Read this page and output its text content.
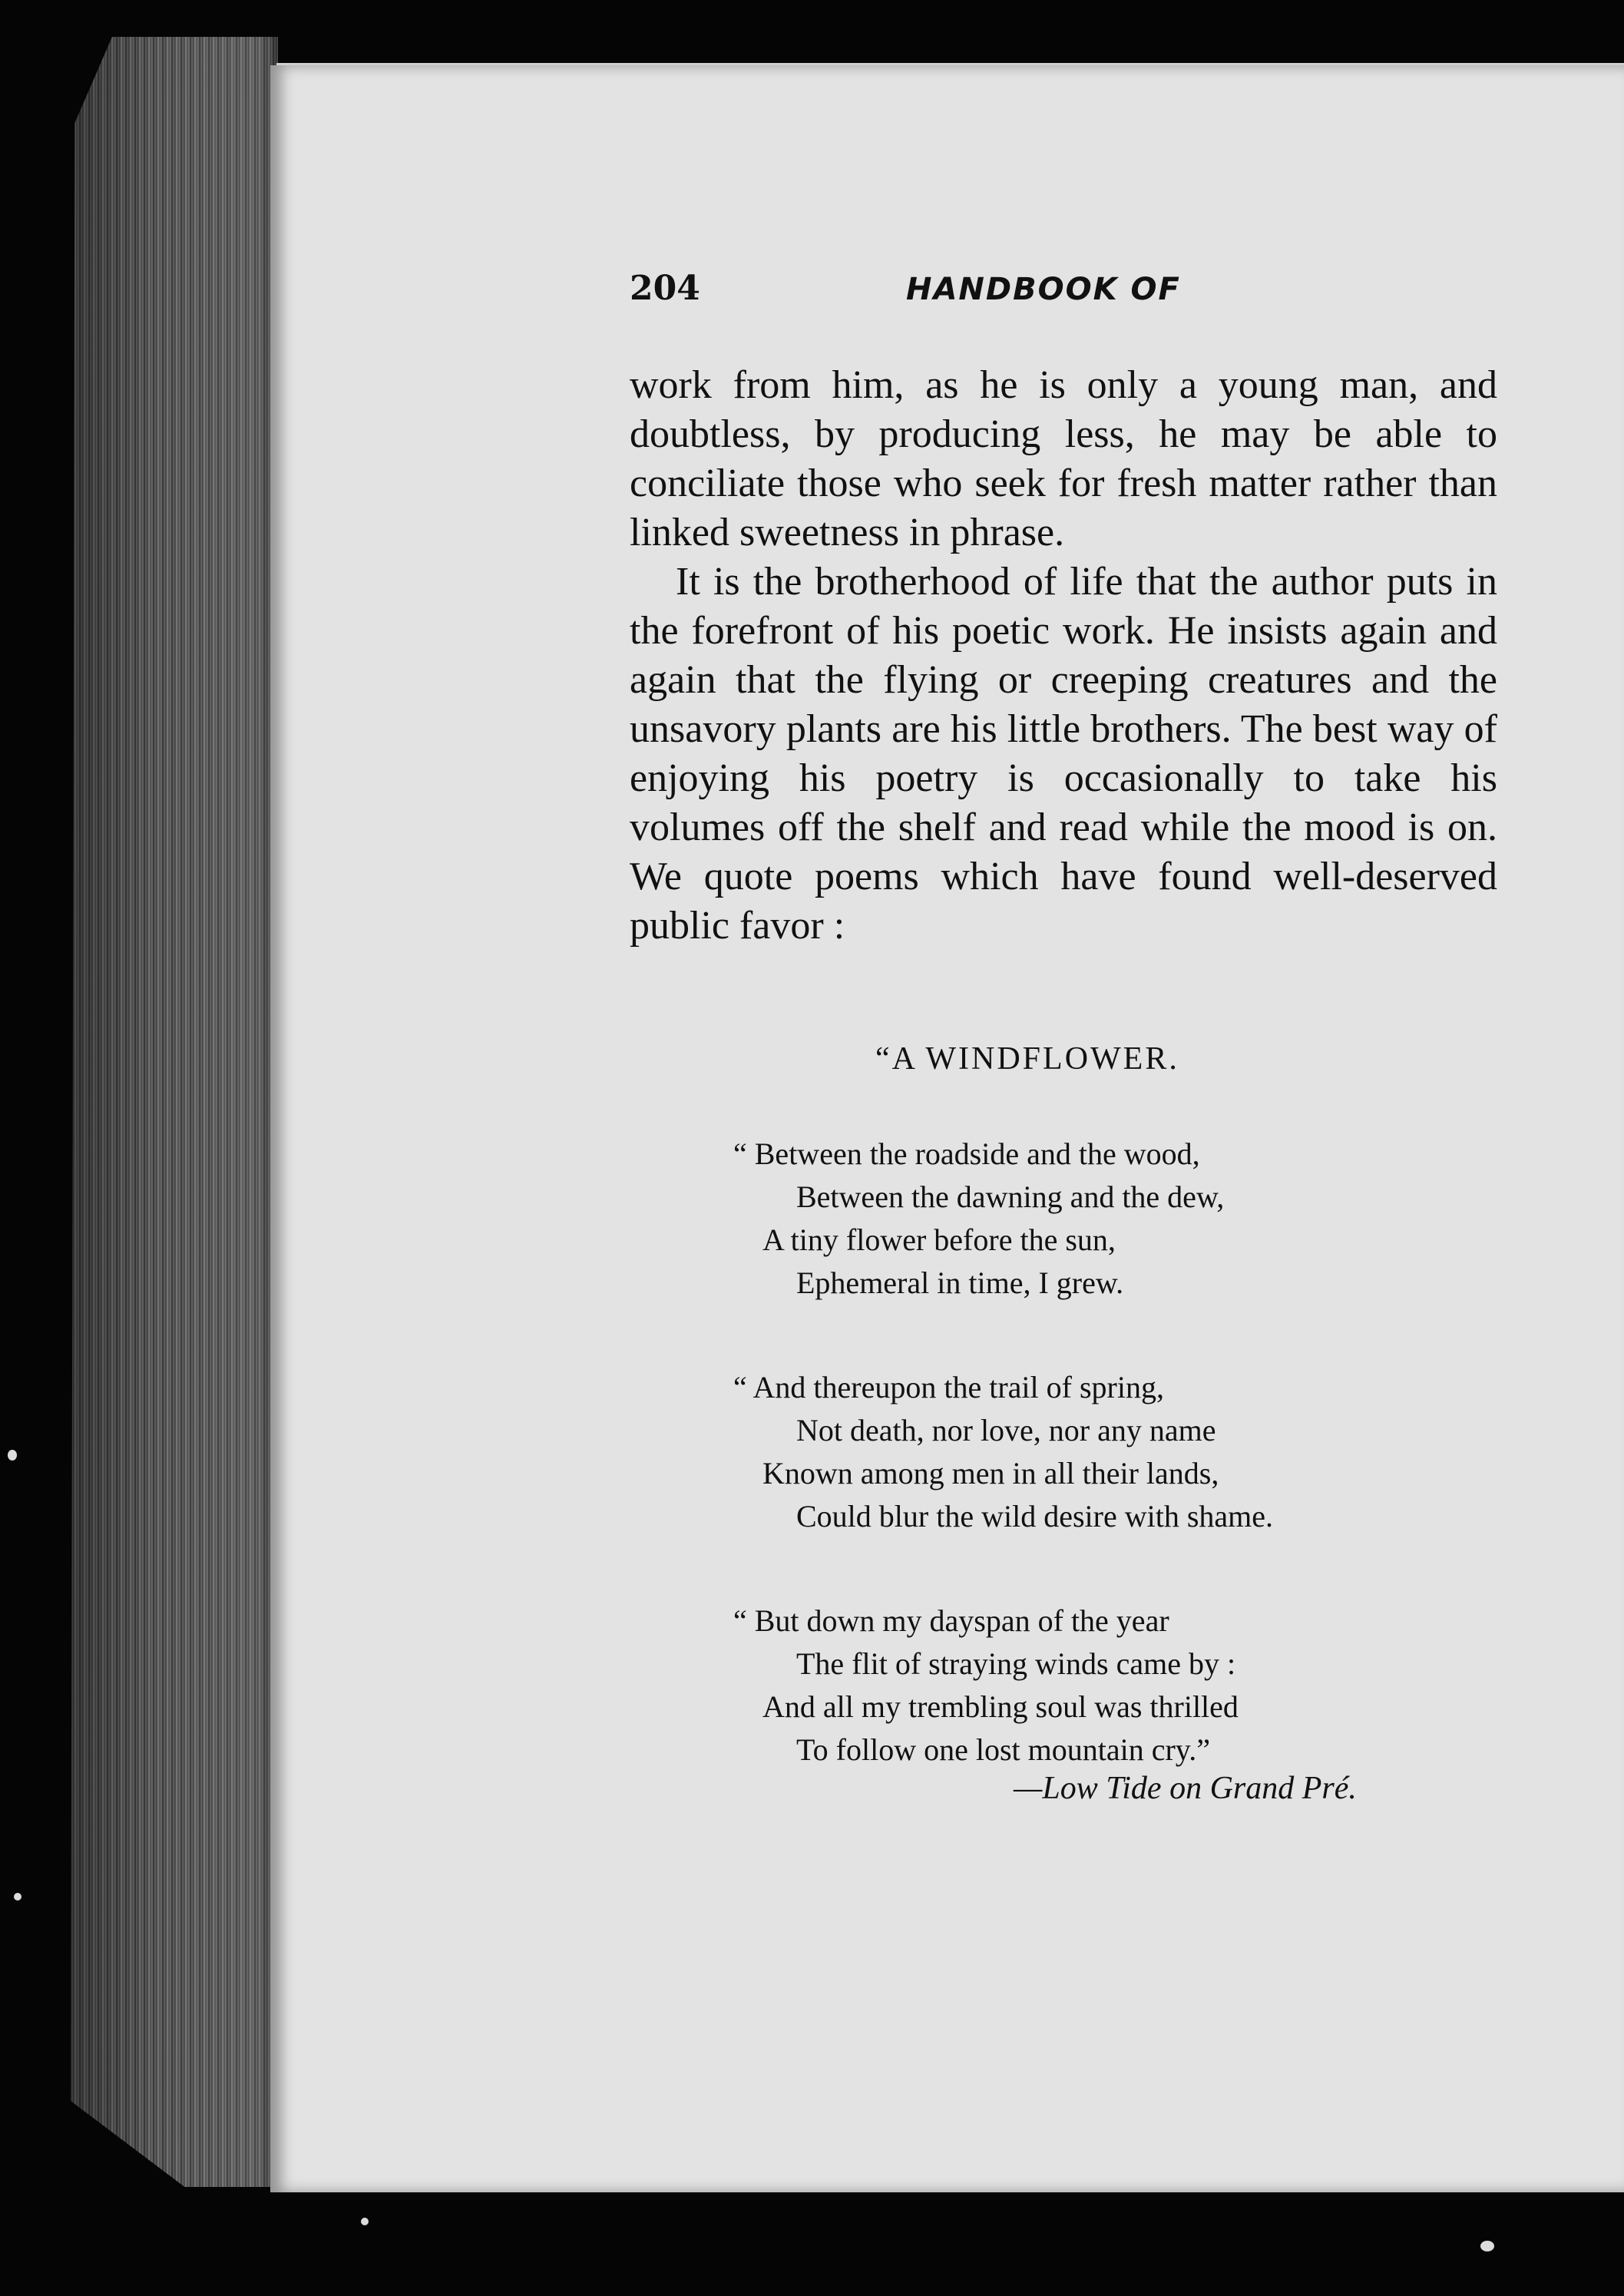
204	HANDBOOK OF

work from him, as he is only a young man, and doubtless, by producing less, he may be able to conciliate those who seek for fresh matter rather than linked sweetness in phrase.

It is the brotherhood of life that the author puts in the forefront of his poetic work. He insists again and again that the flying or creeping creatures and the unsavory plants are his little brothers. The best way of enjoying his poetry is occasionally to take his volumes off the shelf and read while the mood is on. We quote poems which have found well-deserved public favor :

“A WINDFLOWER.
“ Between the roadside and the wood,
Between the dawning and the dew,
A tiny flower before the sun,
Ephemeral in time, I grew.
“ And thereupon the trail of spring,
Not death, nor love, nor any name
Known among men in all their lands,
Could blur the wild desire with shame.
“ But down my dayspan of the year
The flit of straying winds came by :
And all my trembling soul was thrilled
To follow one lost mountain cry.”
—Low Tide on Grand Pré.
